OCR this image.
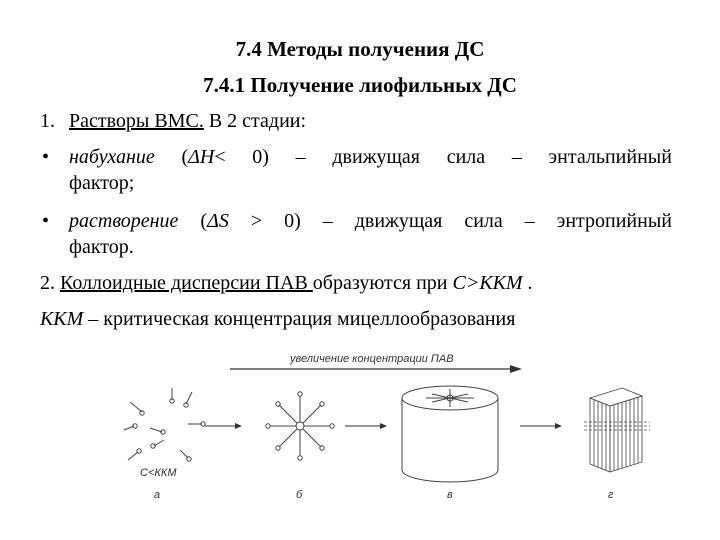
7.4 Методы получения ДС
7.4.1 Получение лиофильных ДС
1. Растворы ВМС. В 2 стадии:
• набухание (ΔH< 0) – движущая сила – энтальпийный
фактор;
• растворение (ΔS > 0) – движущая сила – энтропийный
фактор.
2. Коллоидные дисперсии ПАВ образуются при С>ККМ .
ККМ – критическая концентрация мицеллообразования
увеличение концентрации ПАВ
С<ККМ
а	б	в	г
